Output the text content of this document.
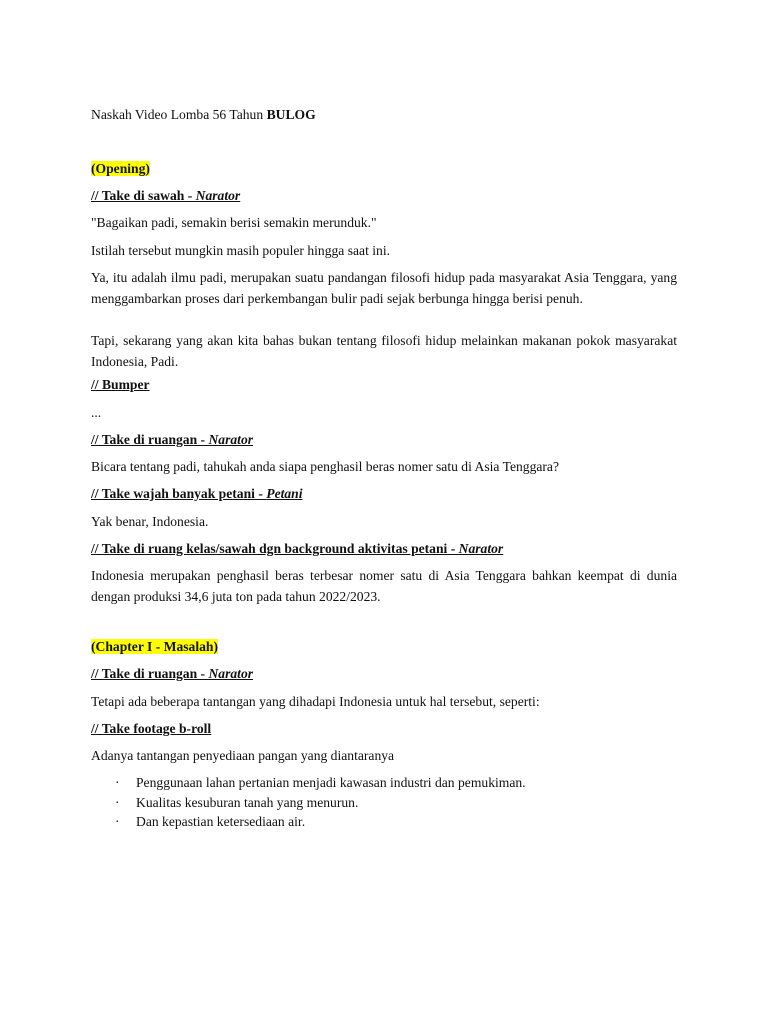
Naskah Video Lomba 56 Tahun BULOG

(Opening)

// Take di sawah - Narator

"Bagaikan padi, semakin berisi semakin merunduk."

Istilah tersebut mungkin masih populer hingga saat ini.

Ya, itu adalah ilmu padi, merupakan suatu pandangan filosofi hidup pada masyarakat Asia Tenggara, yang menggambarkan proses dari perkembangan bulir padi sejak berbunga hingga berisi penuh.

Tapi, sekarang yang akan kita bahas bukan tentang filosofi hidup melainkan makanan pokok masyarakat Indonesia, Padi.

// Bumper

...

// Take di ruangan - Narator

Bicara tentang padi, tahukah anda siapa penghasil beras nomer satu di Asia Tenggara?

// Take wajah banyak petani - Petani

Yak benar, Indonesia.

// Take di ruang kelas/sawah dgn background aktivitas petani - Narator

Indonesia merupakan penghasil beras terbesar nomer satu di Asia Tenggara bahkan keempat di dunia dengan produksi 34,6 juta ton pada tahun 2022/2023.

(Chapter I - Masalah)

// Take di ruangan - Narator

Tetapi ada beberapa tantangan yang dihadapi Indonesia untuk hal tersebut, seperti:

// Take footage b-roll

Adanya tantangan penyediaan pangan yang diantaranya

·	Penggunaan lahan pertanian menjadi kawasan industri dan pemukiman.
·	Kualitas kesuburan tanah yang menurun.
·	Dan kepastian ketersediaan air.
